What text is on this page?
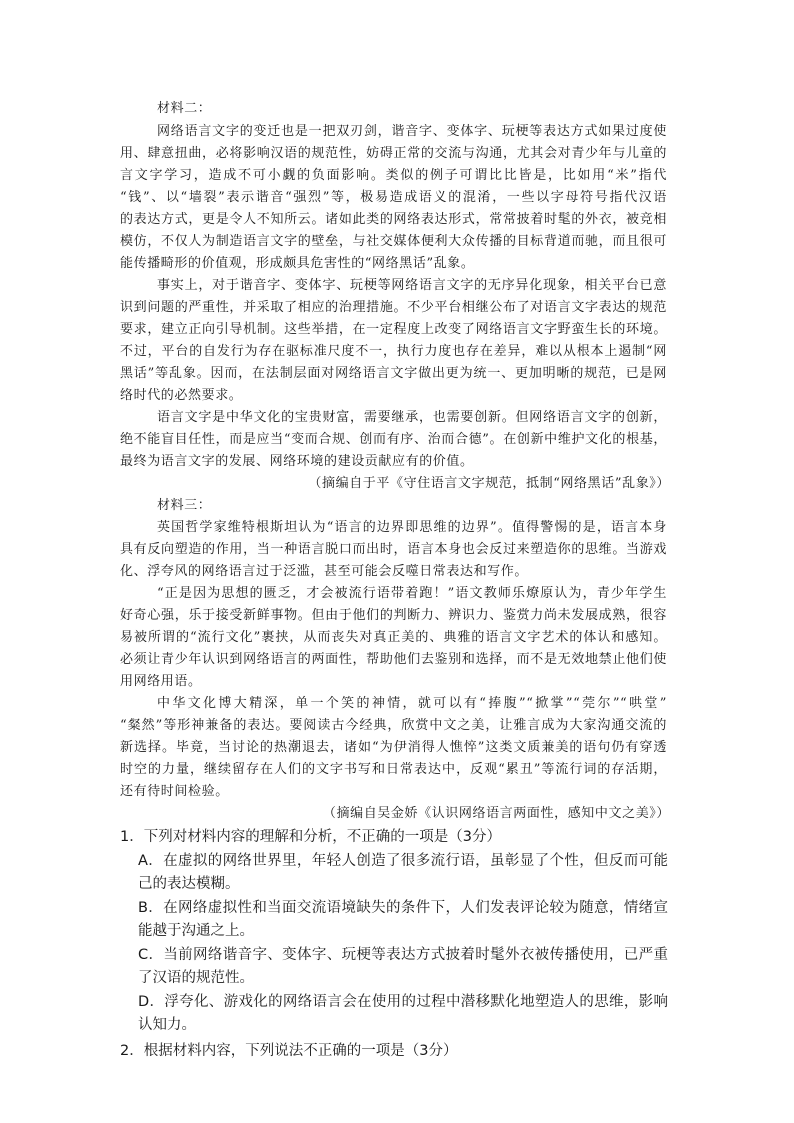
材料二：
网络语言文字的变迁也是一把双刃剑，谐音字、变体字、玩梗等表达方式如果过度使
用、肆意扭曲，必将影响汉语的规范性，妨碍正常的交流与沟通，尤其会对青少年与儿童的
言文字学习，造成不可小觑的负面影响。类似的例子可谓比比皆是，比如用“米”指代
“钱”、以“墙裂”表示谐音“强烈”等，极易造成语义的混淆，一些以字母符号指代汉语
的表达方式，更是令人不知所云。诸如此类的网络表达形式，常常披着时髦的外衣，被竞相
模仿，不仅人为制造语言文字的壁垒，与社交媒体便利大众传播的目标背道而驰，而且很可
能传播畸形的价值观，形成颇具危害性的“网络黑话”乱象。
事实上，对于谐音字、变体字、玩梗等网络语言文字的无序异化现象，相关平台已意
识到问题的严重性，并采取了相应的治理措施。不少平台相继公布了对语言文字表达的规范
要求，建立正向引导机制。这些举措，在一定程度上改变了网络语言文字野蛮生长的环境。
不过，平台的自发行为存在驱标准尺度不一，执行力度也存在差异，难以从根本上遏制“网
黑话”等乱象。因而，在法制层面对网络语言文字做出更为统一、更加明晰的规范，已是网
络时代的必然要求。
语言文字是中华文化的宝贵财富，需要继承，也需要创新。但网络语言文字的创新，
绝不能盲目任性，而是应当“变而合规、创而有序、治而合德”。在创新中维护文化的根基，
最终为语言文字的发展、网络环境的建设贡献应有的价值。
（摘编自于平《守住语言文字规范，抵制“网络黑话”乱象》）
材料三：
英国哲学家维特根斯坦认为“语言的边界即思维的边界”。值得警惕的是，语言本身
具有反向塑造的作用，当一种语言脱口而出时，语言本身也会反过来塑造你的思维。当游戏
化、浮夸风的网络语言过于泛滥，甚至可能会反噬日常表达和写作。
“正是因为思想的匮乏，才会被流行语带着跑！”语文教师乐燎原认为，青少年学生
好奇心强，乐于接受新鲜事物。但由于他们的判断力、辨识力、鉴赏力尚未发展成熟，很容
易被所谓的“流行文化”裹挟，从而丧失对真正美的、典雅的语言文字艺术的体认和感知。
必须让青少年认识到网络语言的两面性，帮助他们去鉴别和选择，而不是无效地禁止他们使
用网络用语。
中华文化博大精深，单一个笑的神情，就可以有“捧腹”“掀掌”“莞尔”“哄堂”
“粲然”等形神兼备的表达。要阅读古今经典，欣赏中文之美，让雅言成为大家沟通交流的
新选择。毕竟，当讨论的热潮退去，诸如“为伊消得人憔悴”这类文质兼美的语句仍有穿透
时空的力量，继续留存在人们的文字书写和日常表达中，反观“累丑”等流行词的存活期，
还有待时间检验。
（摘编自吴金娇《认识网络语言两面性，感知中文之美》）
1．下列对材料内容的理解和分析，不正确的一项是（3分）
A．在虚拟的网络世界里，年轻人创造了很多流行语，虽彰显了个性，但反而可能
己的表达模糊。
B．在网络虚拟性和当面交流语境缺失的条件下，人们发表评论较为随意，情绪宣
能越于沟通之上。
C．当前网络谐音字、变体字、玩梗等表达方式披着时髦外衣被传播使用，已严重
了汉语的规范性。
D．浮夸化、游戏化的网络语言会在使用的过程中潜移默化地塑造人的思维，影响
认知力。
2．根据材料内容，下列说法不正确的一项是（3分）
